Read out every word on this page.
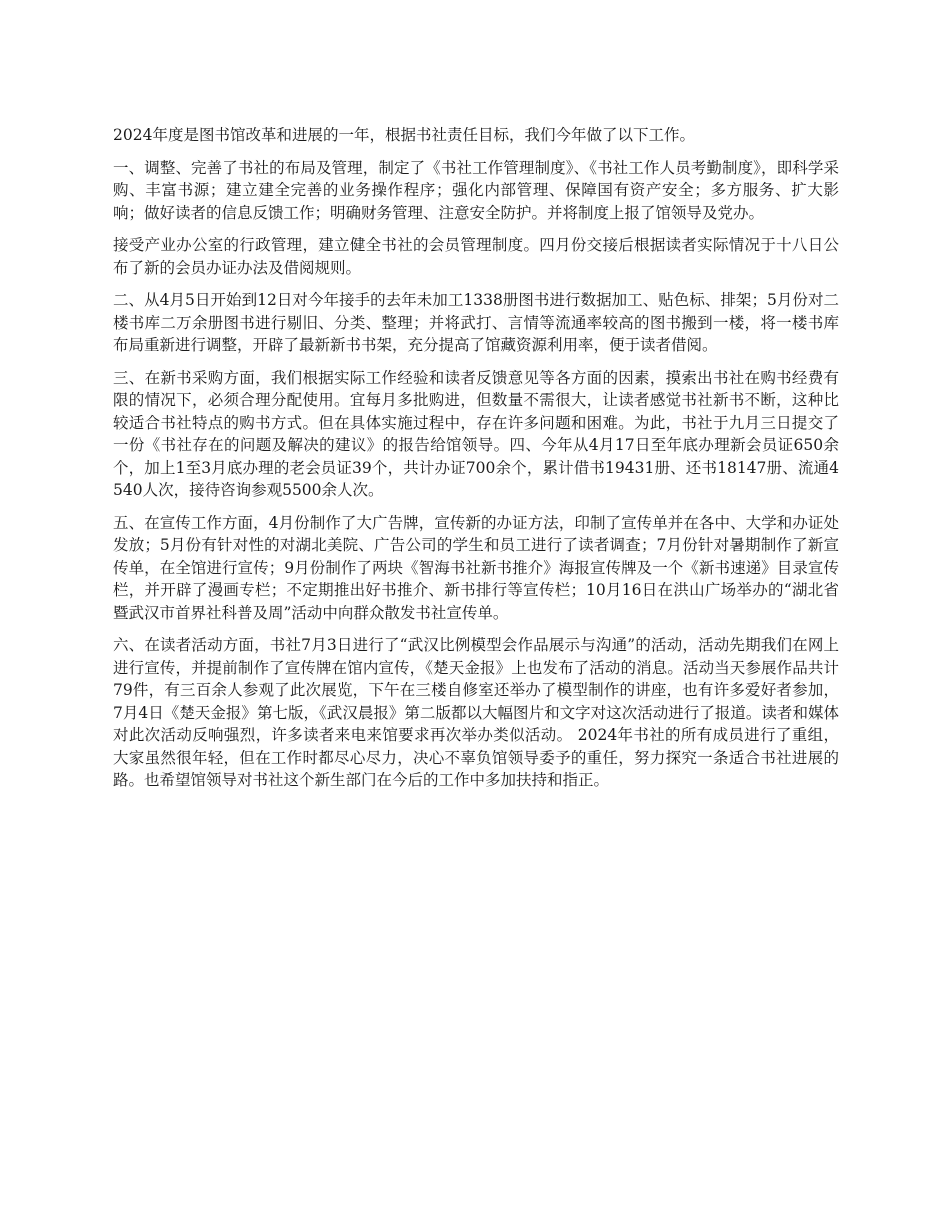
2024年度是图书馆改革和进展的一年，根据书社责任目标，我们今年做了以下工作。

一、调整、完善了书社的布局及管理，制定了《书社工作管理制度》、《书社工作人员考勤制度》，即科学采购、丰富书源；建立建全完善的业务操作程序；强化内部管理、保障国有资产安全；多方服务、扩大影响；做好读者的信息反馈工作；明确财务管理、注意安全防护。并将制度上报了馆领导及党办。

接受产业办公室的行政管理，建立健全书社的会员管理制度。四月份交接后根据读者实际情况于十八日公布了新的会员办证办法及借阅规则。

二、从4月5日开始到12日对今年接手的去年未加工1338册图书进行数据加工、贴色标、排架；5月份对二楼书库二万余册图书进行剔旧、分类、整理；并将武打、言情等流通率较高的图书搬到一楼，将一楼书库布局重新进行调整，开辟了最新新书书架，充分提高了馆藏资源利用率，便于读者借阅。

三、在新书采购方面，我们根据实际工作经验和读者反馈意见等各方面的因素，摸索出书社在购书经费有限的情况下，必须合理分配使用。宜每月多批购进，但数量不需很大，让读者感觉书社新书不断，这种比较适合书社特点的购书方式。但在具体实施过程中，存在许多问题和困难。为此，书社于九月三日提交了一份《书社存在的问题及解决的建议》的报告给馆领导。四、今年从4月17日至年底办理新会员证650余个，加上1至3月底办理的老会员证39个，共计办证700余个，累计借书19431册、还书18147册、流通4540人次，接待咨询参观5500余人次。

五、在宣传工作方面，4月份制作了大广告牌，宣传新的办证方法，印制了宣传单并在各中、大学和办证处发放；5月份有针对性的对湖北美院、广告公司的学生和员工进行了读者调查；7月份针对暑期制作了新宣传单，在全馆进行宣传；9月份制作了两块《智海书社新书推介》海报宣传牌及一个《新书速递》目录宣传栏，并开辟了漫画专栏；不定期推出好书推介、新书排行等宣传栏；10月16日在洪山广场举办的“湖北省暨武汉市首界社科普及周”活动中向群众散发书社宣传单。

六、在读者活动方面，书社7月3日进行了“武汉比例模型会作品展示与沟通”的活动，活动先期我们在网上进行宣传，并提前制作了宣传牌在馆内宣传，《楚天金报》上也发布了活动的消息。活动当天参展作品共计79件，有三百余人参观了此次展览，下午在三楼自修室还举办了模型制作的讲座，也有许多爱好者参加，7月4日《楚天金报》第七版，《武汉晨报》第二版都以大幅图片和文字对这次活动进行了报道。读者和媒体对此次活动反响强烈，许多读者来电来馆要求再次举办类似活动。 2024年书社的所有成员进行了重组，大家虽然很年轻，但在工作时都尽心尽力，决心不辜负馆领导委予的重任，努力探究一条适合书社进展的路。也希望馆领导对书社这个新生部门在今后的工作中多加扶持和指正。
